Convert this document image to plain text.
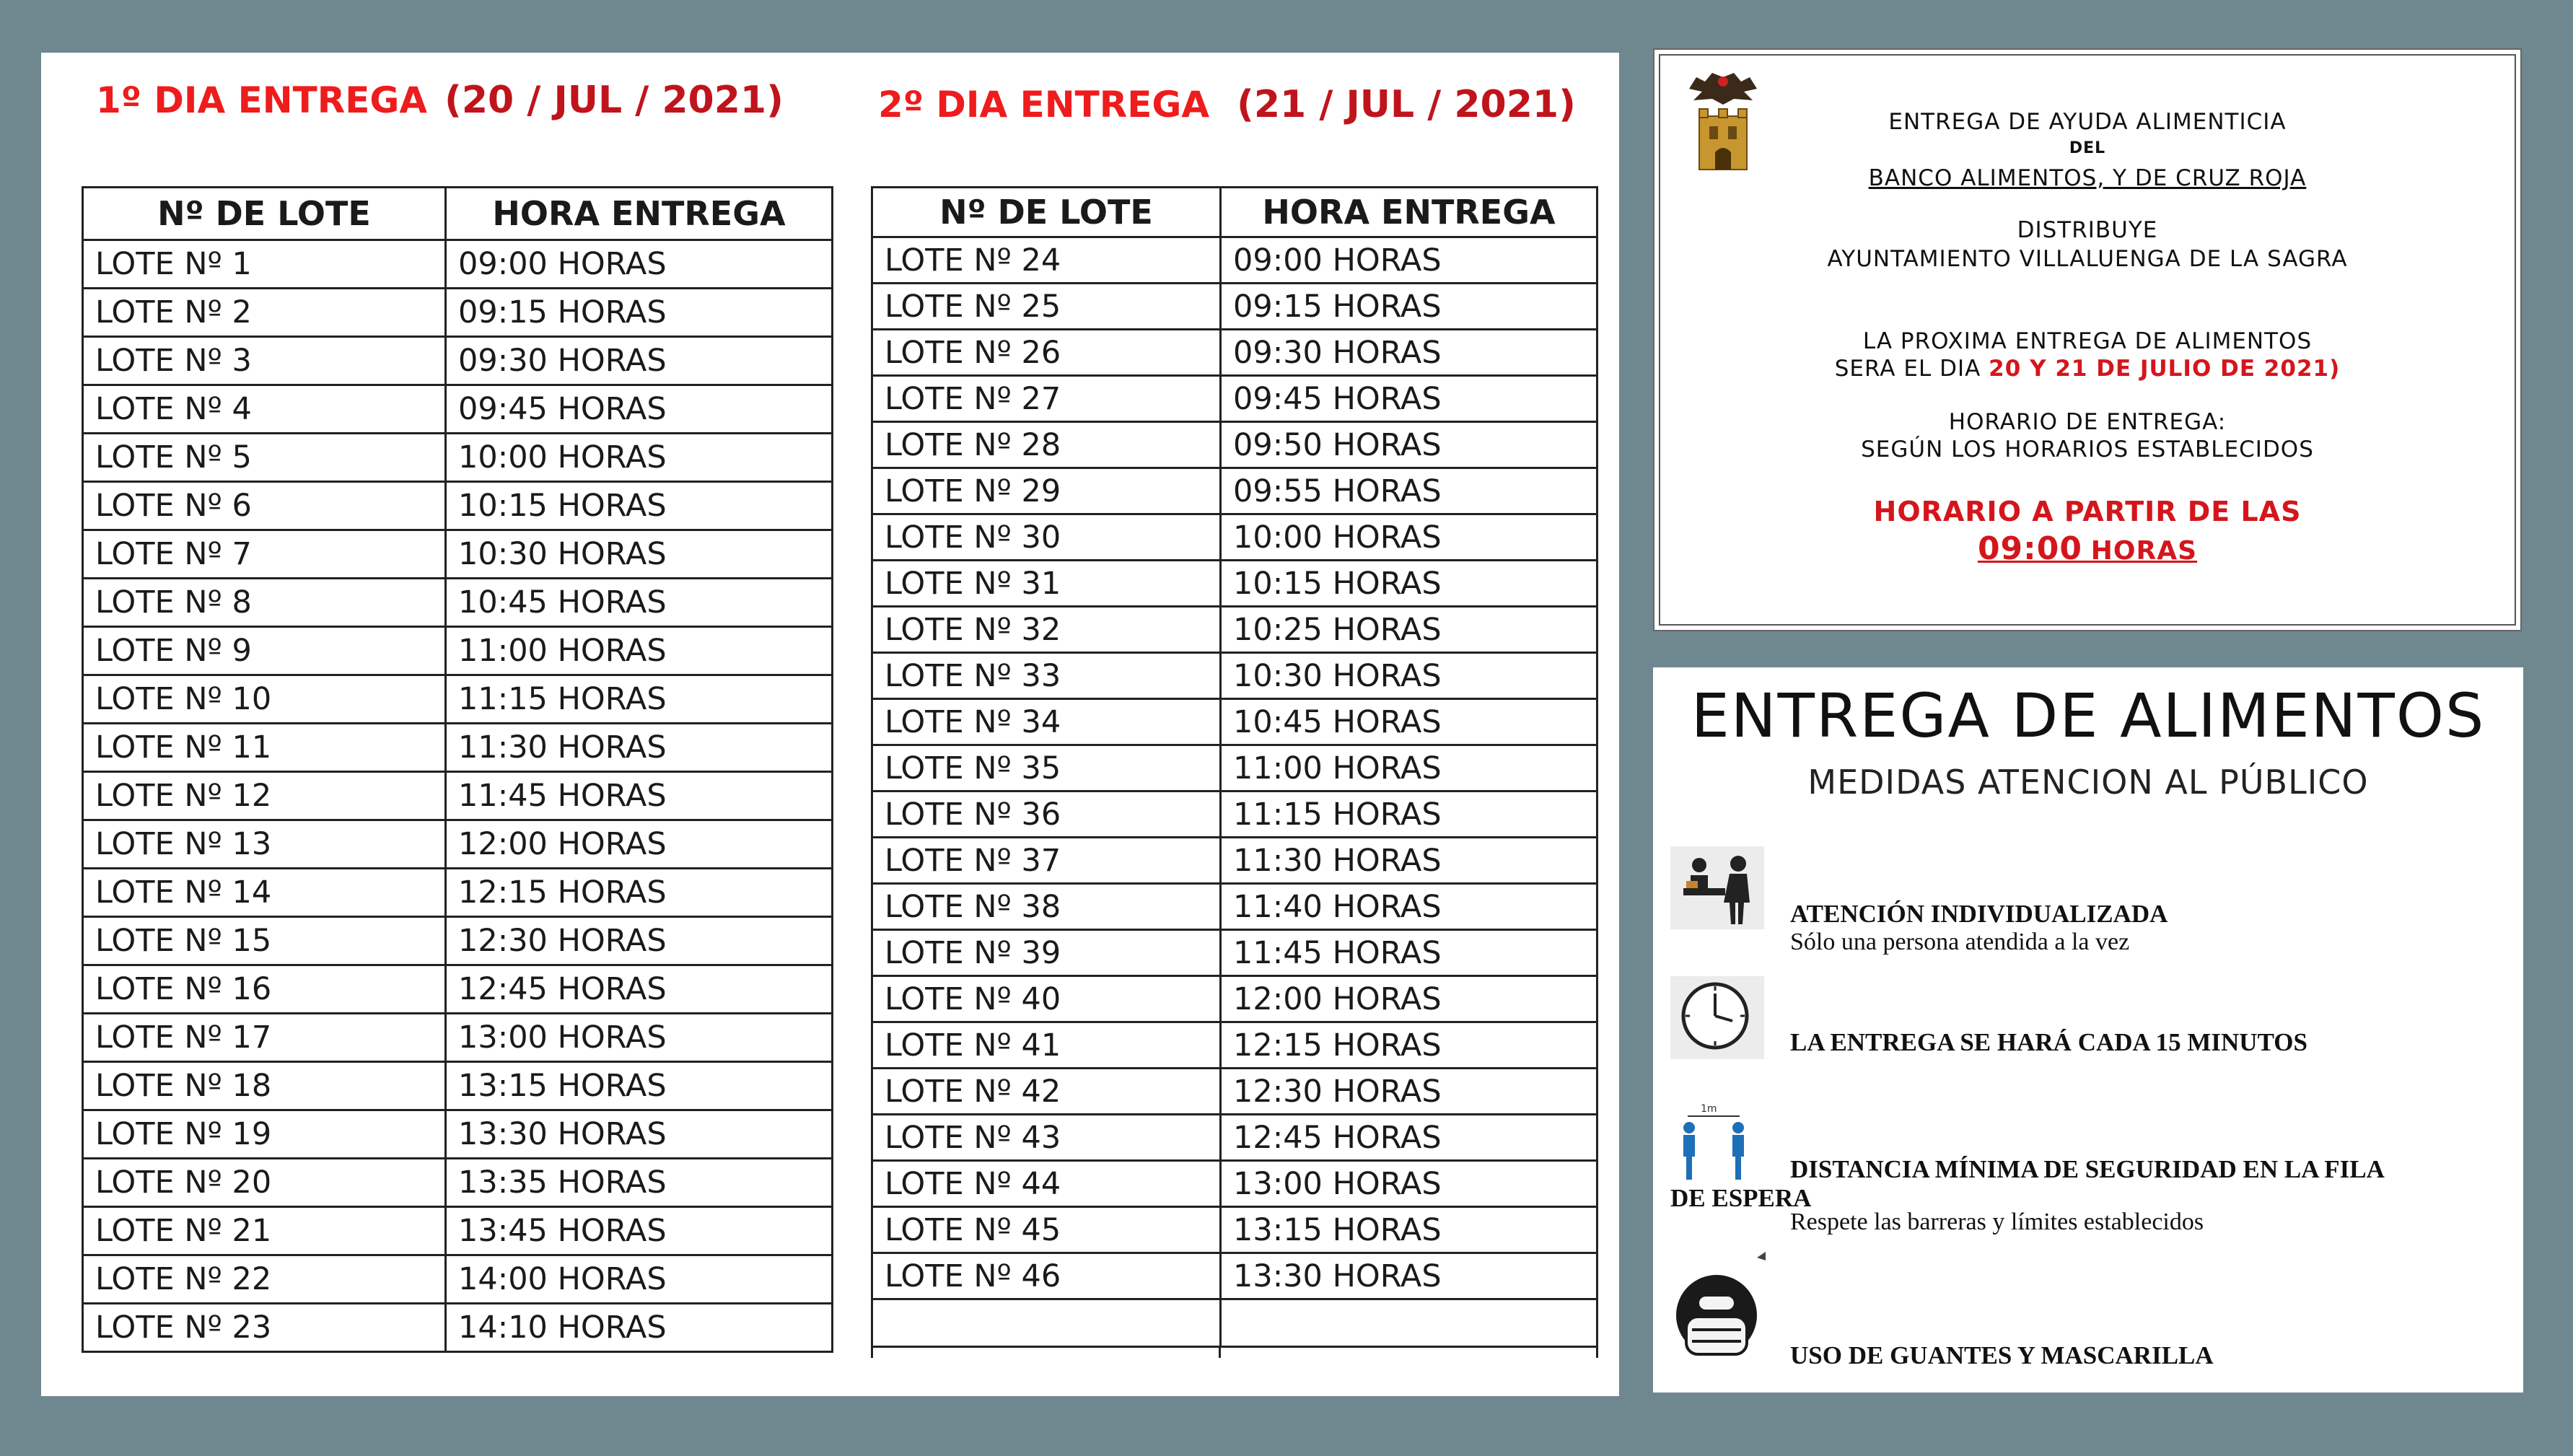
1º DIA ENTREGA (20 / JUL / 2021)	2º DIA ENTREGA (21 / JUL / 2021)
Nº DE LOTE	HORA ENTREGA
LOTE Nº 1	09:00 HORAS
LOTE Nº 2	09:15 HORAS
LOTE Nº 3	09:30 HORAS
LOTE Nº 4	09:45 HORAS
LOTE Nº 5	10:00 HORAS
LOTE Nº 6	10:15 HORAS
LOTE Nº 7	10:30 HORAS
LOTE Nº 8	10:45 HORAS
LOTE Nº 9	11:00 HORAS
LOTE Nº 10	11:15 HORAS
LOTE Nº 11	11:30 HORAS
LOTE Nº 12	11:45 HORAS
LOTE Nº 13	12:00 HORAS
LOTE Nº 14	12:15 HORAS
LOTE Nº 15	12:30 HORAS
LOTE Nº 16	12:45 HORAS
LOTE Nº 17	13:00 HORAS
LOTE Nº 18	13:15 HORAS
LOTE Nº 19	13:30 HORAS
LOTE Nº 20	13:35 HORAS
LOTE Nº 21	13:45 HORAS
LOTE Nº 22	14:00 HORAS
LOTE Nº 23	14:10 HORAS
Nº DE LOTE	HORA ENTREGA
LOTE Nº 24	09:00 HORAS
LOTE Nº 25	09:15 HORAS
LOTE Nº 26	09:30 HORAS
LOTE Nº 27	09:45 HORAS
LOTE Nº 28	09:50 HORAS
LOTE Nº 29	09:55 HORAS
LOTE Nº 30	10:00 HORAS
LOTE Nº 31	10:15 HORAS
LOTE Nº 32	10:25 HORAS
LOTE Nº 33	10:30 HORAS
LOTE Nº 34	10:45 HORAS
LOTE Nº 35	11:00 HORAS
LOTE Nº 36	11:15 HORAS
LOTE Nº 37	11:30 HORAS
LOTE Nº 38	11:40 HORAS
LOTE Nº 39	11:45 HORAS
LOTE Nº 40	12:00 HORAS
LOTE Nº 41	12:15 HORAS
LOTE Nº 42	12:30 HORAS
LOTE Nº 43	12:45 HORAS
LOTE Nº 44	13:00 HORAS
LOTE Nº 45	13:15 HORAS
LOTE Nº 46	13:30 HORAS

ENTREGA DE AYUDA ALIMENTICIA
DEL
BANCO ALIMENTOS, Y DE CRUZ ROJA
DISTRIBUYE
AYUNTAMIENTO VILLALUENGA DE LA SAGRA
LA PROXIMA ENTREGA DE ALIMENTOS
SERA EL DIA 20 Y 21 DE JULIO DE 2021)
HORARIO DE ENTREGA:
SEGÚN LOS HORARIOS ESTABLECIDOS
HORARIO A PARTIR DE LAS
09:00 HORAS
ENTREGA DE ALIMENTOS
MEDIDAS ATENCION AL PÚBLICO
ATENCIÓN INDIVIDUALIZADA
Sólo una persona atendida a la vez
LA ENTREGA SE HARÁ CADA 15 MINUTOS
1m
DISTANCIA MÍNIMA DE SEGURIDAD EN LA FILA
DE ESPERA
Respete las barreras y límites establecidos
USO DE GUANTES Y MASCARILLA
